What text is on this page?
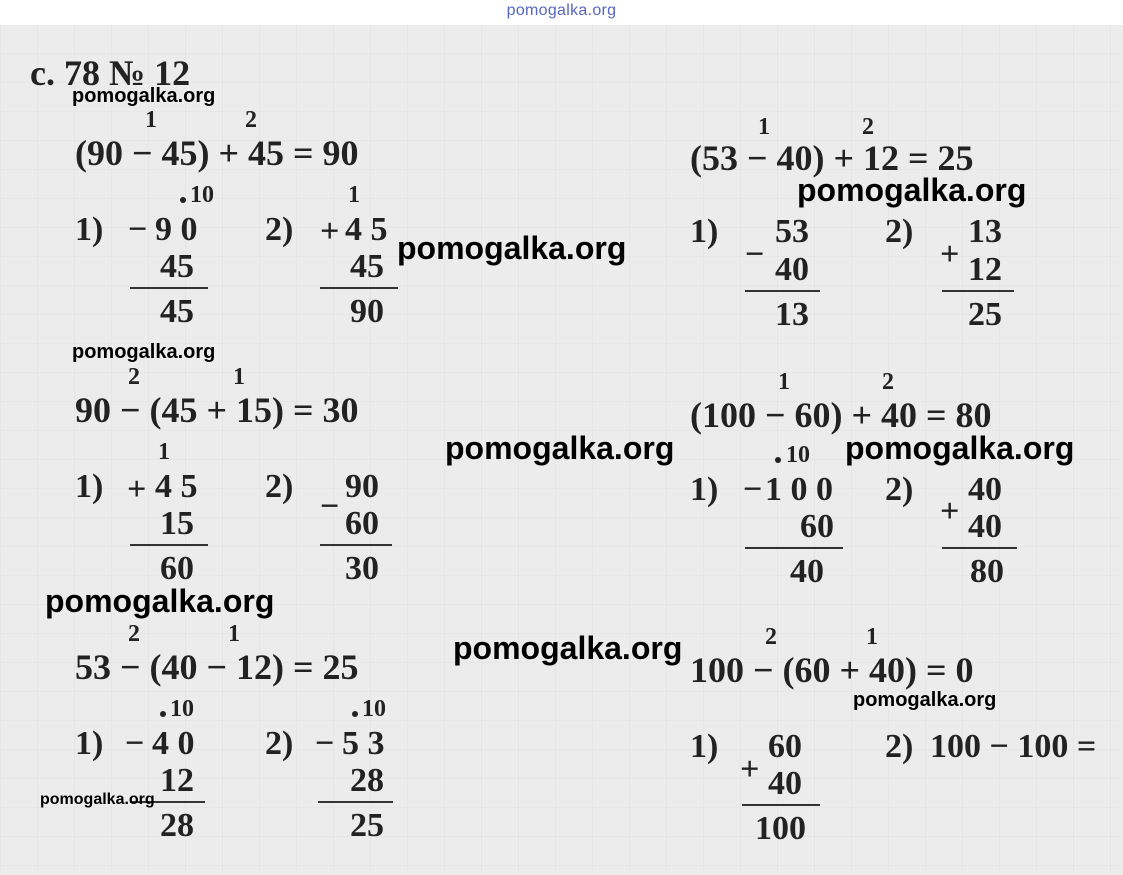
pomogalka.org
с. 78 № 12
1	2
(90 − 45) + 45 = 90
10
1) − 9 0
45
45
1
2) + 4 5
45
90
2	1
90 − (45 + 15) = 30
1
1) + 4 5
15
60
2)
−
90
60
30
2	1
53 − (40 − 12) = 25
10
1) − 4 0
12
28
10
2) − 5 3
28
25
1	2
(53 − 40) + 12 = 25
1)
−
53
40
13
2)
+
13
12
25
1	2
(100 − 60) + 40 = 80
10
1) − 1 0 0
60
40
2)
+
40
40
80
2	1
100 − (60 + 40) = 0
1)
+
60
40
100
2) 100 − 100 =
pomogalka.org
pomogalka.org
pomogalka.org
pomogalka.org
pomogalka.org	pomogalka.org
pomogalka.org
pomogalka.org
pomogalka.org
pomogalka.org
